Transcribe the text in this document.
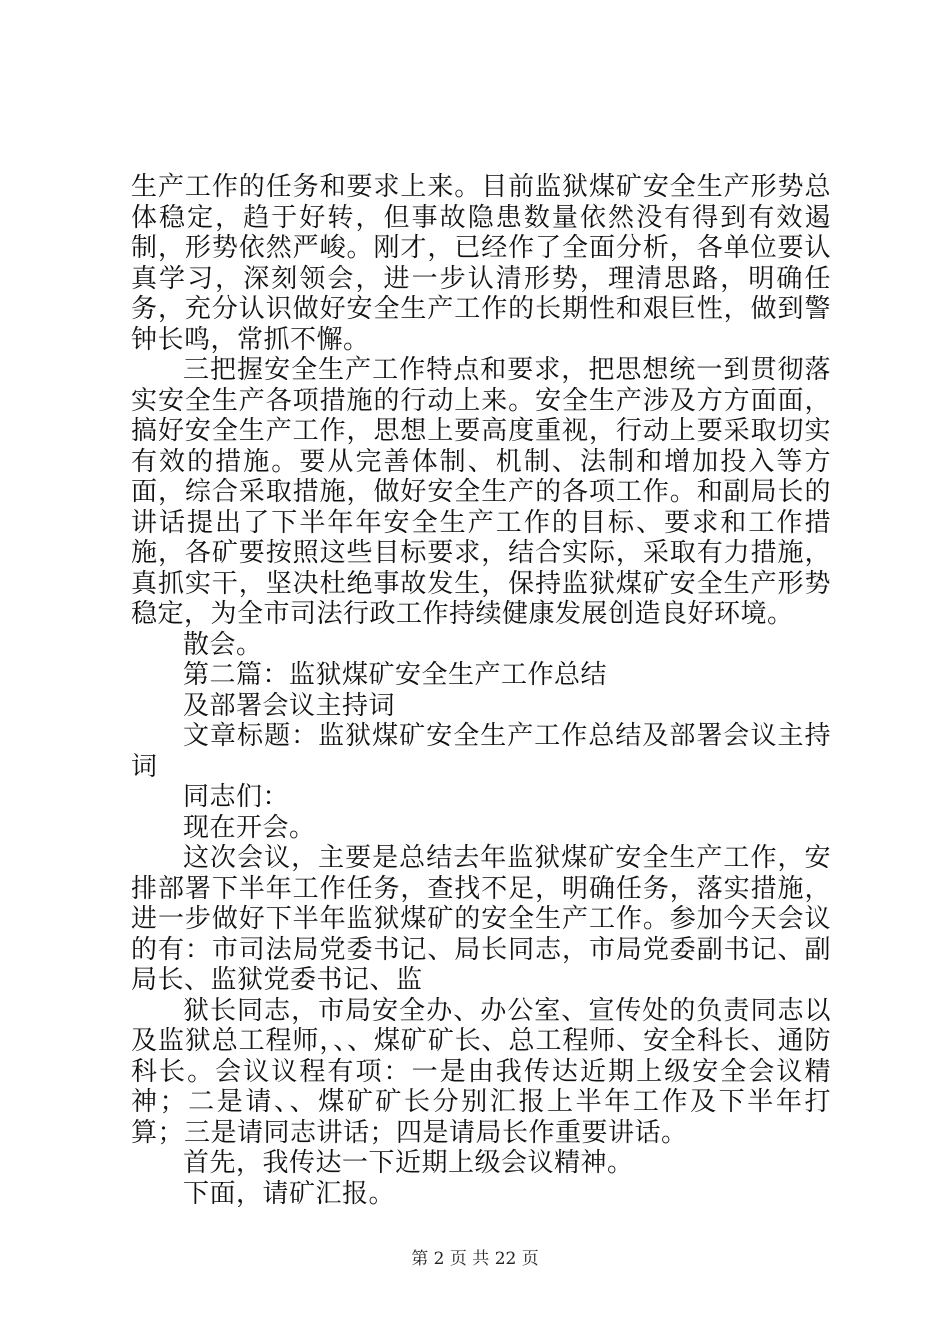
生产工作的任务和要求上来。目前监狱煤矿安全生产形势总体稳定，趋于好转，但事故隐患数量依然没有得到有效遏制，形势依然严峻。刚才，已经作了全面分析，各单位要认真学习，深刻领会，进一步认清形势，理清思路，明确任务，充分认识做好安全生产工作的长期性和艰巨性，做到警钟长鸣，常抓不懈。

三把握安全生产工作特点和要求，把思想统一到贯彻落实安全生产各项措施的行动上来。安全生产涉及方方面面，搞好安全生产工作，思想上要高度重视，行动上要采取切实有效的措施。要从完善体制、机制、法制和增加投入等方面，综合采取措施，做好安全生产的各项工作。和副局长的讲话提出了下半年年安全生产工作的目标、要求和工作措施，各矿要按照这些目标要求，结合实际，采取有力措施，真抓实干，坚决杜绝事故发生，保持监狱煤矿安全生产形势稳定，为全市司法行政工作持续健康发展创造良好环境。

散会。

第二篇：监狱煤矿安全生产工作总结

及部署会议主持词

文章标题：监狱煤矿安全生产工作总结及部署会议主持词

同志们：

现在开会。

这次会议，主要是总结去年监狱煤矿安全生产工作，安排部署下半年工作任务，查找不足，明确任务，落实措施，进一步做好下半年监狱煤矿的安全生产工作。参加今天会议的有：市司法局党委书记、局长同志，市局党委副书记、副局长、监狱党委书记、监

狱长同志，市局安全办、办公室、宣传处的负责同志以及监狱总工程师，、、煤矿矿长、总工程师、安全科长、通防科长。会议议程有项：一是由我传达近期上级安全会议精神；二是请、、煤矿矿长分别汇报上半年工作及下半年打算；三是请同志讲话；四是请局长作重要讲话。

首先，我传达一下近期上级会议精神。

下面，请矿汇报。

第 2 页 共 22 页
